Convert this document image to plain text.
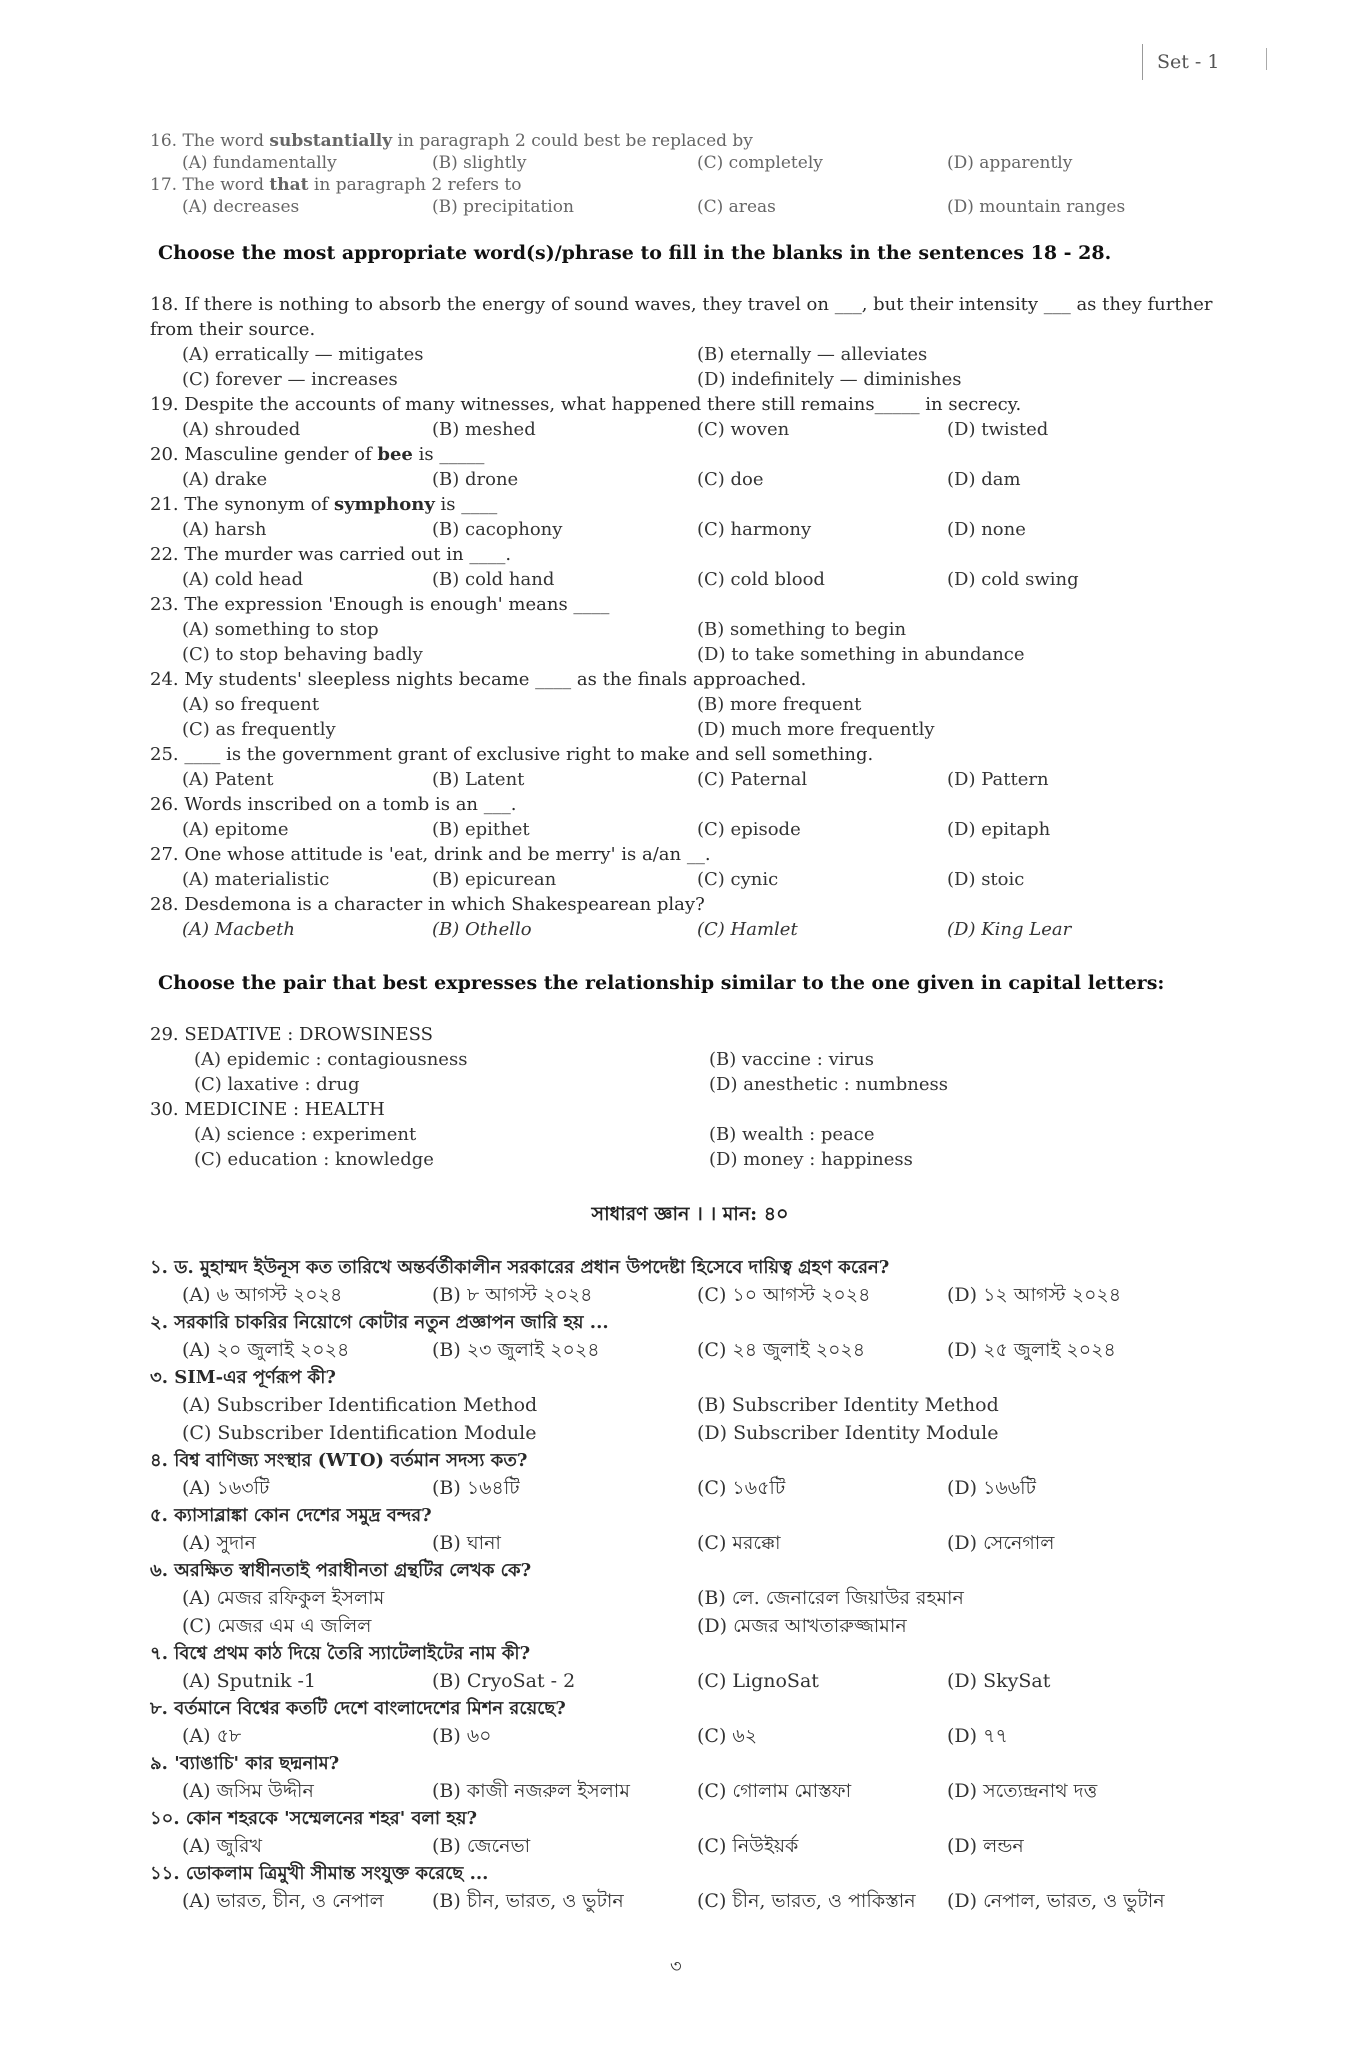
Set - 1
16. The word substantially in paragraph 2 could best be replaced by
(A) fundamentally	(B) slightly	(C) completely	(D) apparently
17. The word that in paragraph 2 refers to
(A) decreases	(B) precipitation	(C) areas	(D) mountain ranges
Choose the most appropriate word(s)/phrase to fill in the blanks in the sentences 18 - 28.
18. If there is nothing to absorb the energy of sound waves, they travel on ___, but their intensity ___ as they further from their source.
(A) erratically — mitigates	(B) eternally — alleviates
(C) forever — increases	(D) indefinitely — diminishes
19. Despite the accounts of many witnesses, what happened there still remains_____ in secrecy.
(A) shrouded	(B) meshed	(C) woven	(D) twisted
20. Masculine gender of bee is _____
(A) drake	(B) drone	(C) doe	(D) dam
21. The synonym of symphony is ____
(A) harsh	(B) cacophony	(C) harmony	(D) none
22. The murder was carried out in ____.
(A) cold head	(B) cold hand	(C) cold blood	(D) cold swing
23. The expression 'Enough is enough' means ____
(A) something to stop	(B) something to begin
(C) to stop behaving badly	(D) to take something in abundance
24. My students' sleepless nights became ____ as the finals approached.
(A) so frequent	(B) more frequent
(C) as frequently	(D) much more frequently
25. ____ is the government grant of exclusive right to make and sell something.
(A) Patent	(B) Latent	(C) Paternal	(D) Pattern
26. Words inscribed on a tomb is an ___.
(A) epitome	(B) epithet	(C) episode	(D) epitaph
27. One whose attitude is 'eat, drink and be merry' is a/an __.
(A) materialistic	(B) epicurean	(C) cynic	(D) stoic
28. Desdemona is a character in which Shakespearean play?
(A) Macbeth	(B) Othello	(C) Hamlet	(D) King Lear
Choose the pair that best expresses the relationship similar to the one given in capital letters:
29. SEDATIVE : DROWSINESS
(A) epidemic : contagiousness	(B) vaccine : virus
(C) laxative : drug	(D) anesthetic : numbness
30. MEDICINE : HEALTH
(A) science : experiment	(B) wealth : peace
(C) education : knowledge	(D) money : happiness
সাধারণ জ্ঞান । । মান: ৪০
১. ড. মুহাম্মদ ইউনূস কত তারিখে অন্তর্বর্তীকালীন সরকারের প্রধান উপদেষ্টা হিসেবে দায়িত্ব গ্রহণ করেন?
(A) ৬ আগস্ট ২০২৪	(B) ৮ আগস্ট ২০২৪	(C) ১০ আগস্ট ২০২৪	(D) ১২ আগস্ট ২০২৪
২. সরকারি চাকরির নিয়োগে কোটার নতুন প্রজ্ঞাপন জারি হয় ...
(A) ২০ জুলাই ২০২৪	(B) ২৩ জুলাই ২০২৪	(C) ২৪ জুলাই ২০২৪	(D) ২৫ জুলাই ২০২৪
৩. SIM-এর পূর্ণরূপ কী?
(A) Subscriber Identification Method	(B) Subscriber Identity Method
(C) Subscriber Identification Module	(D) Subscriber Identity Module
৪. বিশ্ব বাণিজ্য সংস্থার (WTO) বর্তমান সদস্য কত?
(A) ১৬৩টি	(B) ১৬৪টি	(C) ১৬৫টি	(D) ১৬৬টি
৫. ক্যাসাব্লাঙ্কা কোন দেশের সমুদ্র বন্দর?
(A) সুদান	(B) ঘানা	(C) মরক্কো	(D) সেনেগাল
৬. অরক্ষিত স্বাধীনতাই পরাধীনতা গ্রন্থটির লেখক কে?
(A) মেজর রফিকুল ইসলাম	(B) লে. জেনারেল জিয়াউর রহমান
(C) মেজর এম এ জলিল	(D) মেজর আখতারুজ্জামান
৭. বিশ্বে প্রথম কাঠ দিয়ে তৈরি স্যাটেলাইটের নাম কী?
(A) Sputnik -1	(B) CryoSat - 2	(C) LignoSat	(D) SkySat
৮. বর্তমানে বিশ্বের কতটি দেশে বাংলাদেশের মিশন রয়েছে?
(A) ৫৮	(B) ৬০	(C) ৬২	(D) ৭৭
৯. 'ব্যাঙাচি' কার ছদ্মনাম?
(A) জসিম উদ্দীন	(B) কাজী নজরুল ইসলাম	(C) গোলাম মোস্তফা	(D) সত্যেন্দ্রনাথ দত্ত
১০. কোন শহরকে 'সম্মেলনের শহর' বলা হয়?
(A) জুরিখ	(B) জেনেভা	(C) নিউইয়র্ক	(D) লন্ডন
১১. ডোকলাম ত্রিমুখী সীমান্ত সংযুক্ত করেছে ...
(A) ভারত, চীন, ও নেপাল	(B) চীন, ভারত, ও ভুটান	(C) চীন, ভারত, ও পাকিস্তান	(D) নেপাল, ভারত, ও ভুটান
৩
